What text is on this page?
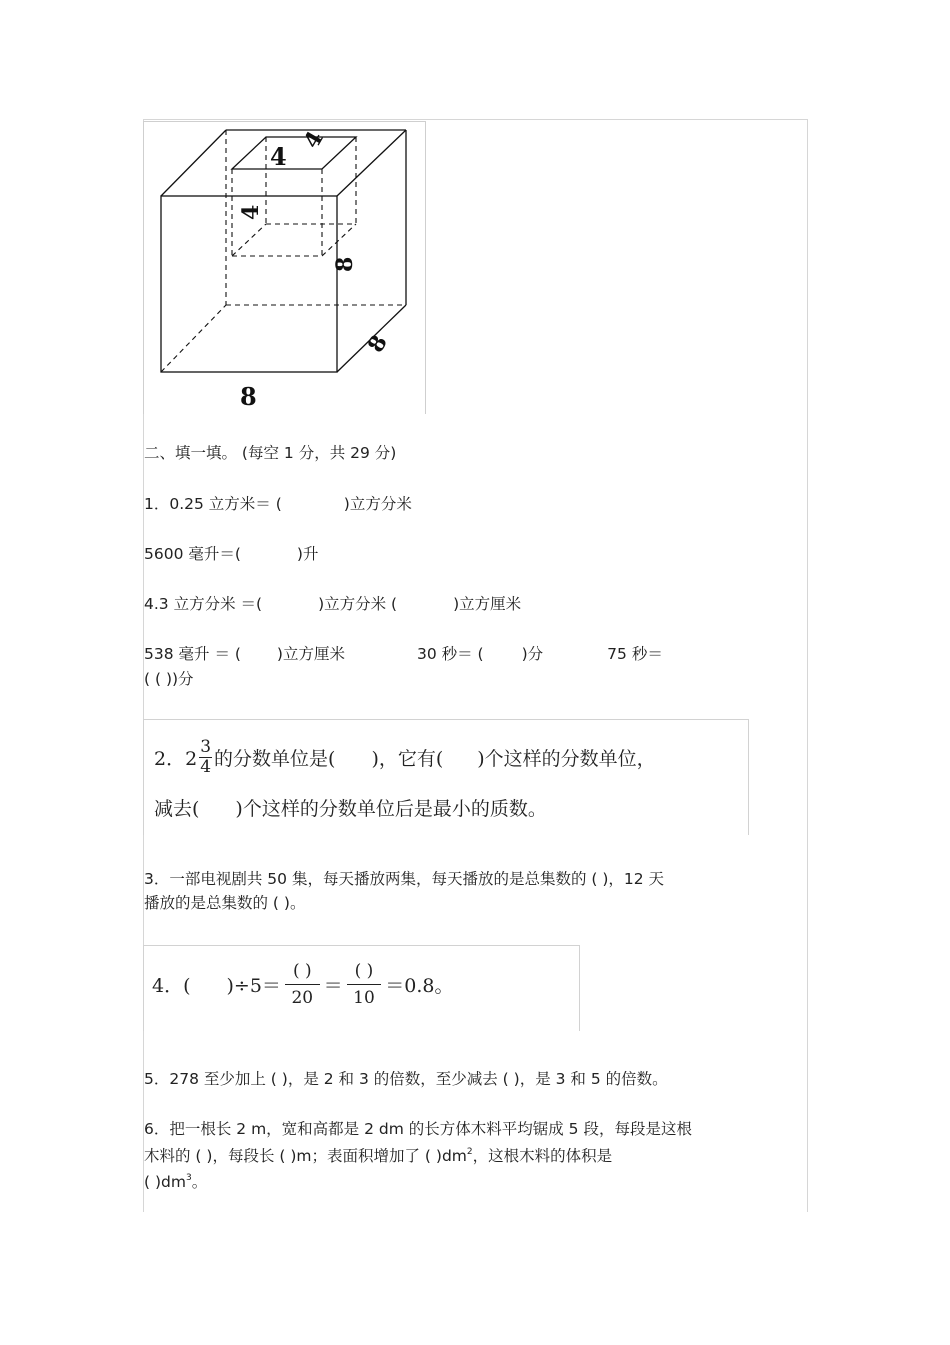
4
4
4
8
8
8
二、填一填。 (每空 1 分，共 29 分)
1．0.25 立方米＝ (	)立方分米
5600 毫升＝(	)升
4.3 立方分米 ＝(	)立方分米 (	)立方厘米
538 毫升 ＝ ( )立方厘米	30 秒＝ ( )分	75 秒＝
( ( ))分
2．$2 \frac{3}{4}$ 的分数单位是( )，它有( )个这样的分数单位，
减去( )个这样的分数单位后是最小的质数。
3．一部电视剧共 50 集，每天播放两集，每天播放的是总集数的 ( )，12 天
播放的是总集数的 ( )。
4．( )÷5＝
( )
20
＝
( )
10
＝0.8。
5．278 至少加上 ( )，是 2 和 3 的倍数，至少减去 ( )，是 3 和 5 的倍数。
6．把一根长 2 m，宽和高都是 2 dm 的长方体木料平均锯成 5 段，每段是这根
木料的 ( )，每段长 ( )m；表面积增加了 ( )$dm^2$，这根木料的体积是
( )$dm^3$。
